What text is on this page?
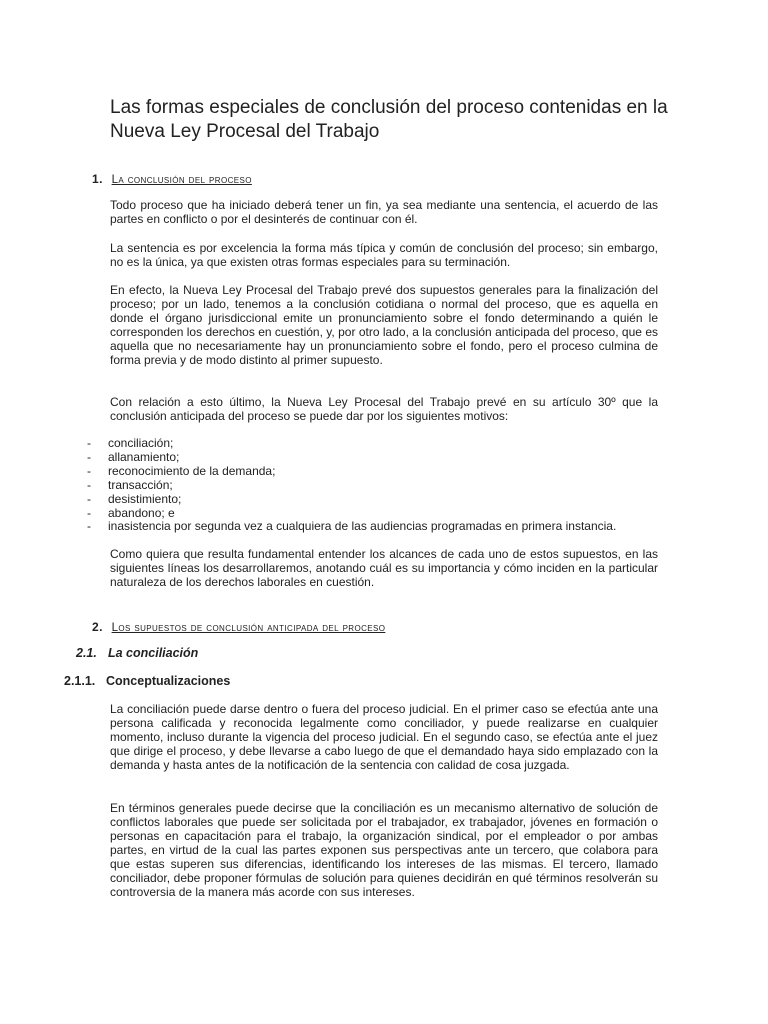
Las formas especiales de conclusión del proceso contenidas en la Nueva Ley Procesal del Trabajo
1. La conclusión del proceso
Todo proceso que ha iniciado deberá tener un fin, ya sea mediante una sentencia, el acuerdo de las partes en conflicto o por el desinterés de continuar con él.
La sentencia es por excelencia la forma más típica y común de conclusión del proceso; sin embargo, no es la única, ya que existen otras formas especiales para su terminación.
En efecto, la Nueva Ley Procesal del Trabajo prevé dos supuestos generales para la finalización del proceso; por un lado, tenemos a la conclusión cotidiana o normal del proceso, que es aquella en donde el órgano jurisdiccional emite un pronunciamiento sobre el fondo determinando a quién le corresponden los derechos en cuestión, y, por otro lado, a la conclusión anticipada del proceso, que es aquella que no necesariamente hay un pronunciamiento sobre el fondo, pero el proceso culmina de forma previa y de modo distinto al primer supuesto.
Con relación a esto último, la Nueva Ley Procesal del Trabajo prevé en su artículo 30º que la conclusión anticipada del proceso se puede dar por los siguientes motivos:
- conciliación;
- allanamiento;
- reconocimiento de la demanda;
- transacción;
- desistimiento;
- abandono; e
- inasistencia por segunda vez a cualquiera de las audiencias programadas en primera instancia.
Como quiera que resulta fundamental entender los alcances de cada uno de estos supuestos, en las siguientes líneas los desarrollaremos, anotando cuál es su importancia y cómo inciden en la particular naturaleza de los derechos laborales en cuestión.
2. Los supuestos de conclusión anticipada del proceso
2.1. La conciliación
2.1.1. Conceptualizaciones
La conciliación puede darse dentro o fuera del proceso judicial. En el primer caso se efectúa ante una persona calificada y reconocida legalmente como conciliador, y puede realizarse en cualquier momento, incluso durante la vigencia del proceso judicial. En el segundo caso, se efectúa ante el juez que dirige el proceso, y debe llevarse a cabo luego de que el demandado haya sido emplazado con la demanda y hasta antes de la notificación de la sentencia con calidad de cosa juzgada.
En términos generales puede decirse que la conciliación es un mecanismo alternativo de solución de conflictos laborales que puede ser solicitada por el trabajador, ex trabajador, jóvenes en formación o personas en capacitación para el trabajo, la organización sindical, por el empleador o por ambas partes, en virtud de la cual las partes exponen sus perspectivas ante un tercero, que colabora para que estas superen sus diferencias, identificando los intereses de las mismas. El tercero, llamado conciliador, debe proponer fórmulas de solución para quienes decidirán en qué términos resolverán su controversia de la manera más acorde con sus intereses.
